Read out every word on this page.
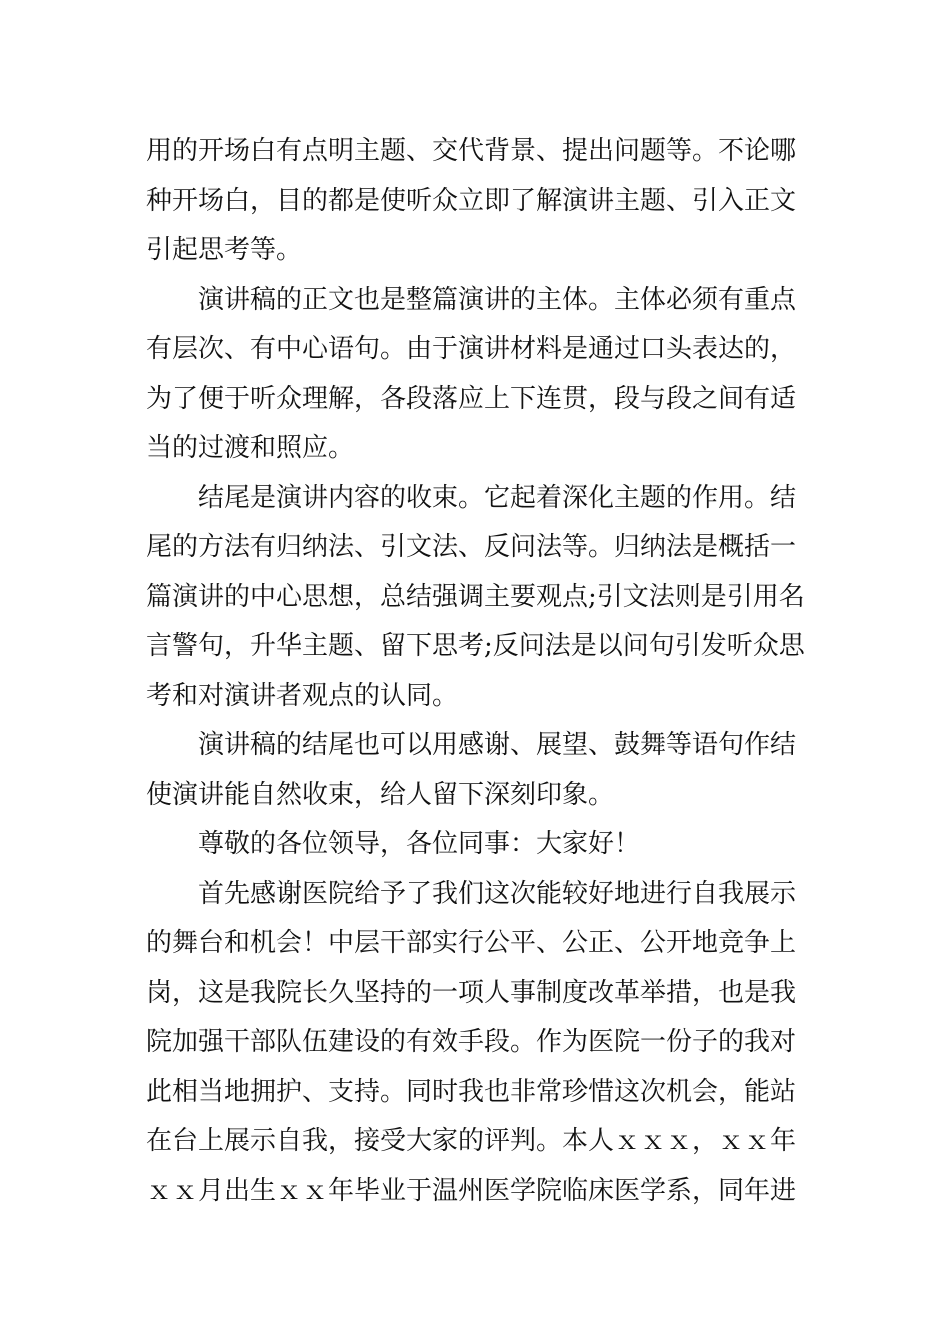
用的开场白有点明主题、交代背景、提出问题等。不论哪
种开场白，目的都是使听众立即了解演讲主题、引入正文
引起思考等。
演讲稿的正文也是整篇演讲的主体。主体必须有重点
有层次、有中心语句。由于演讲材料是通过口头表达的，
为了便于听众理解，各段落应上下连贯，段与段之间有适
当的过渡和照应。
结尾是演讲内容的收束。它起着深化主题的作用。结
尾的方法有归纳法、引文法、反问法等。归纳法是概括一
篇演讲的中心思想，总结强调主要观点;引文法则是引用名
言警句，升华主题、留下思考;反问法是以问句引发听众思
考和对演讲者观点的认同。
演讲稿的结尾也可以用感谢、展望、鼓舞等语句作结
使演讲能自然收束，给人留下深刻印象。
尊敬的各位领导，各位同事：大家好！
首先感谢医院给予了我们这次能较好地进行自我展示
的舞台和机会！中层干部实行公平、公正、公开地竞争上
岗，这是我院长久坚持的一项人事制度改革举措，也是我
院加强干部队伍建设的有效手段。作为医院一份子的我对
此相当地拥护、支持。同时我也非常珍惜这次机会，能站
在台上展示自我，接受大家的评判。本人ｘｘｘ，ｘｘ年
ｘｘ月出生ｘｘ年毕业于温州医学院临床医学系，同年进
